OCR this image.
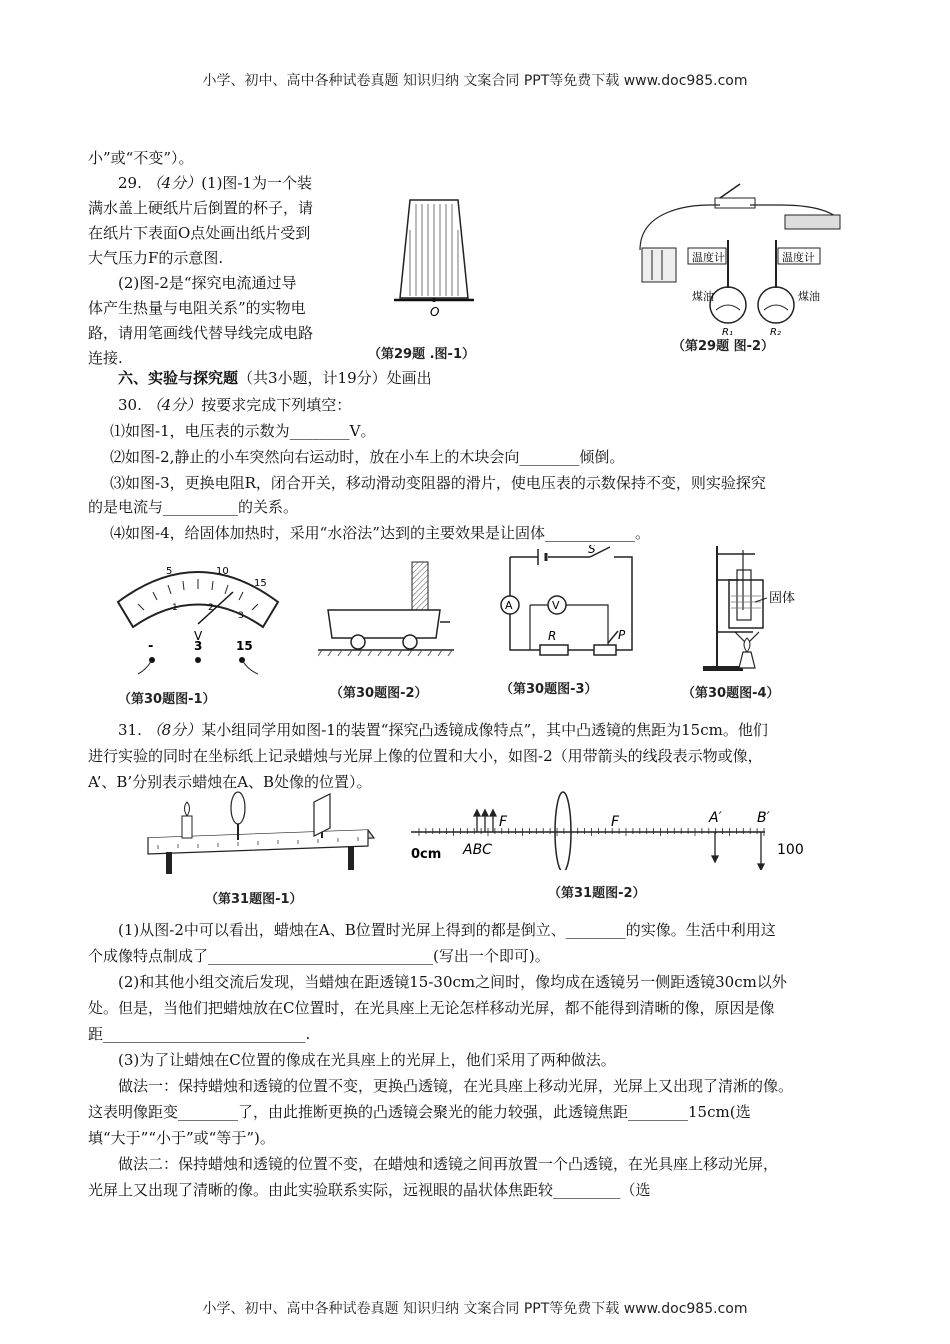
小学、初中、高中各种试卷真题 知识归纳 文案合同 PPT等免费下载 www.doc985.com
小”或“不变”）。
29. （4分）(1)图-1为一个装
满水盖上硬纸片后倒置的杯子，请
在纸片下表面O点处画出纸片受到
大气压力F的示意图.
(2)图-2是“探究电流通过导
体产生热量与电阻关系”的实物电
路，请用笔画线代替导线完成电路
连接.
O
（第29题 .图-1）
温度计	温度计
煤油	煤油
R₁	R₂
（第29题 图-2）
六、实验与探究题（共3小题，计19分）处画出
30. （4分）按要求完成下列填空：
⑴如图-1，电压表的示数为________V。
⑵如图-2,静止的小车突然向右运动时，放在小车上的木块会向________倾倒。
⑶如图-3，更换电阻R，闭合开关，移动滑动变阻器的滑片，使电压表的示数保持不变，则实验探究
的是电流与__________的关系。
⑷如图-4，给固体加热时，采用“水浴法”达到的主要效果是让固体____________。
5	10
15
1	2
3
V
-	3	15
（第30题图-1）	（第30题图-2）
S
A	V
R	P
（第30题图-3）
固体
（第30题图-4）
31. （8分）某小组同学用如图-1的装置“探究凸透镜成像特点”，其中凸透镜的焦距为15cm。他们
进行实验的同时在坐标纸上记录蜡烛与光屏上像的位置和大小，如图-2（用带箭头的线段表示物或像，
A’、B’分别表示蜡烛在A、B处像的位置）。
（第31题图-1）
F	F
ABC
0cm
A′	B′
100
（第31题图-2）
(1)从图-2中可以看出，蜡烛在A、B位置时光屏上得到的都是倒立、________的实像。生活中利用这
个成像特点制成了______________________________(写出一个即可)。
(2)和其他小组交流后发现，当蜡烛在距透镜15-30cm之间时，像均成在透镜另一侧距透镜30cm以外
处。但是，当他们把蜡烛放在C位置时，在光具座上无论怎样移动光屏，都不能得到清晰的像，原因是像
距___________________________.
(3)为了让蜡烛在C位置的像成在光具座上的光屏上，他们采用了两种做法。
做法一：保持蜡烛和透镜的位置不变，更换凸透镜，在光具座上移动光屏，光屏上又出现了清淅的像。
这表明像距变________了，由此推断更换的凸透镜会聚光的能力较强，此透镜焦距________15cm(选
填“大于”“小于”或“等于”)。
做法二：保持蜡烛和透镜的位置不变，在蜡烛和透镜之间再放置一个凸透镜，在光具座上移动光屏，
光屏上又出现了清晰的像。由此实验联系实际，远视眼的晶状体焦距较_________（选
小学、初中、高中各种试卷真题 知识归纳 文案合同 PPT等免费下载 www.doc985.com
